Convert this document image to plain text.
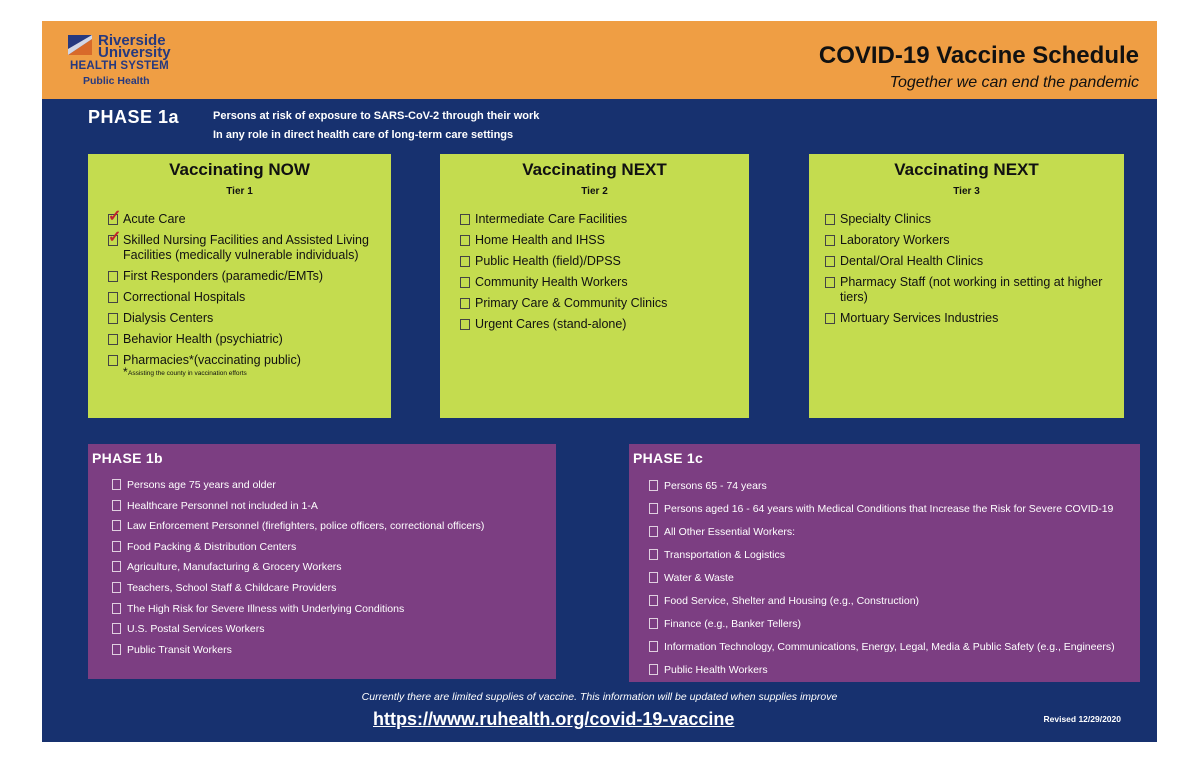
Riverside
University
HEALTH SYSTEM
Public Health
COVID-19 Vaccine Schedule
Together we can end the pandemic
PHASE 1a	Persons at risk of exposure to SARS-CoV-2 through their work
In any role in direct health care of long-term care settings
Vaccinating NOW
Tier 1
✓ Acute Care
✓ Skilled Nursing Facilities and Assisted Living Facilities (medically vulnerable individuals)
First Responders (paramedic/EMTs)
Correctional Hospitals
Dialysis Centers
Behavior Health (psychiatric)
Pharmacies*(vaccinating public)
* Assisting the county in vaccination efforts
Vaccinating NEXT
Tier 2
Intermediate Care Facilities
Home Health and IHSS
Public Health (field)/DPSS
Community Health Workers
Primary Care & Community Clinics
Urgent Cares (stand-alone)
Vaccinating NEXT
Tier 3
Specialty Clinics
Laboratory Workers
Dental/Oral Health Clinics
Pharmacy Staff (not working in setting at higher tiers)
Mortuary Services Industries
PHASE 1b
Persons age 75 years and older
Healthcare Personnel not included in 1-A
Law Enforcement Personnel (firefighters, police officers, correctional officers)
Food Packing & Distribution Centers
Agriculture, Manufacturing & Grocery Workers
Teachers, School Staff & Childcare Providers
The High Risk for Severe Illness with Underlying Conditions
U.S. Postal Services Workers
Public Transit Workers
PHASE 1c
Persons 65 - 74 years
Persons aged 16 - 64 years with Medical Conditions that Increase the Risk for Severe COVID-19
All Other Essential Workers:
Transportation & Logistics
Water & Waste
Food Service, Shelter and Housing (e.g., Construction)
Finance (e.g., Banker Tellers)
Information Technology, Communications, Energy, Legal, Media & Public Safety (e.g., Engineers)
Public Health Workers
Currently there are limited supplies of vaccine. This information will be updated when supplies improve
https://www.ruhealth.org/covid-19-vaccine	Revised 12/29/2020
